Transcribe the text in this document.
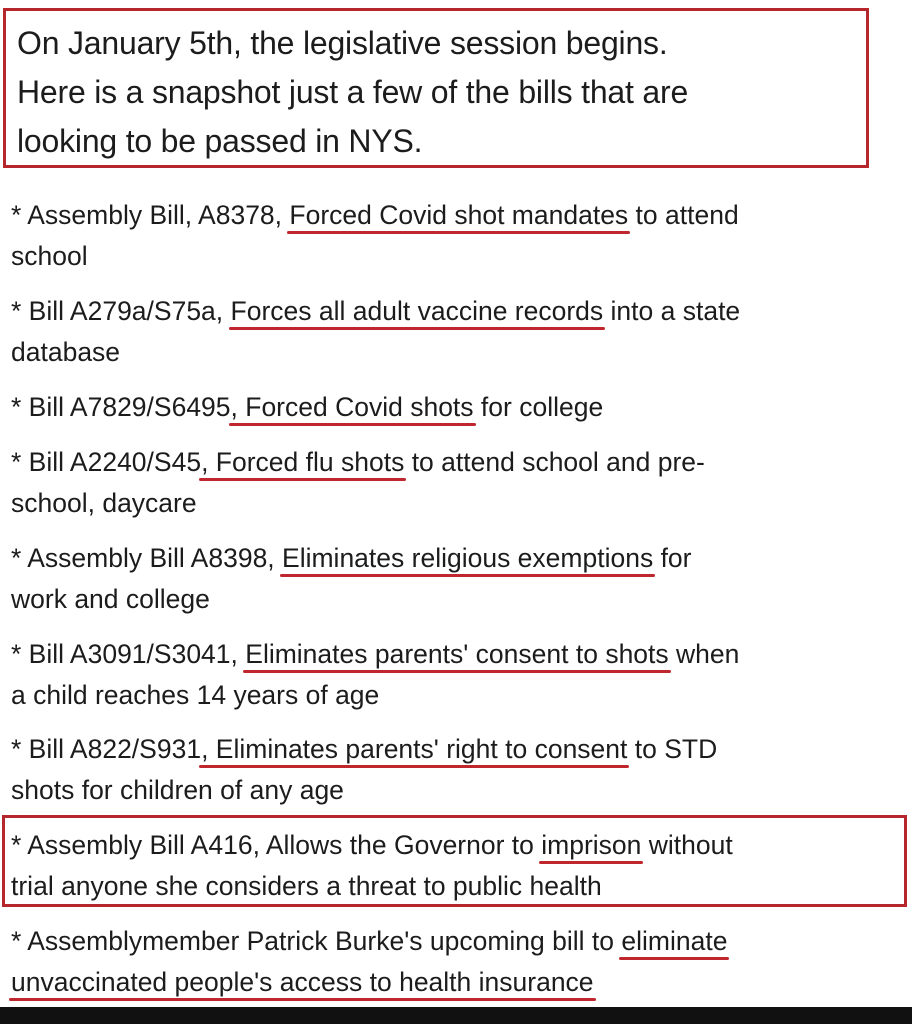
On January 5th, the legislative session begins.
Here is a snapshot just a few of the bills that are
looking to be passed in NYS.
* Assembly Bill, A8378, Forced Covid shot mandates to attend
school
* Bill A279a/S75a, Forces all adult vaccine records into a state
database
* Bill A7829/S6495, Forced Covid shots for college
* Bill A2240/S45, Forced flu shots to attend school and pre-
school, daycare
* Assembly Bill A8398, Eliminates religious exemptions for
work and college
* Bill A3091/S3041, Eliminates parents' consent to shots when
a child reaches 14 years of age
* Bill A822/S931, Eliminates parents' right to consent to STD
shots for children of any age
* Assembly Bill A416, Allows the Governor to imprison without
trial anyone she considers a threat to public health
* Assemblymember Patrick Burke's upcoming bill to eliminate
unvaccinated people's access to health insurance
